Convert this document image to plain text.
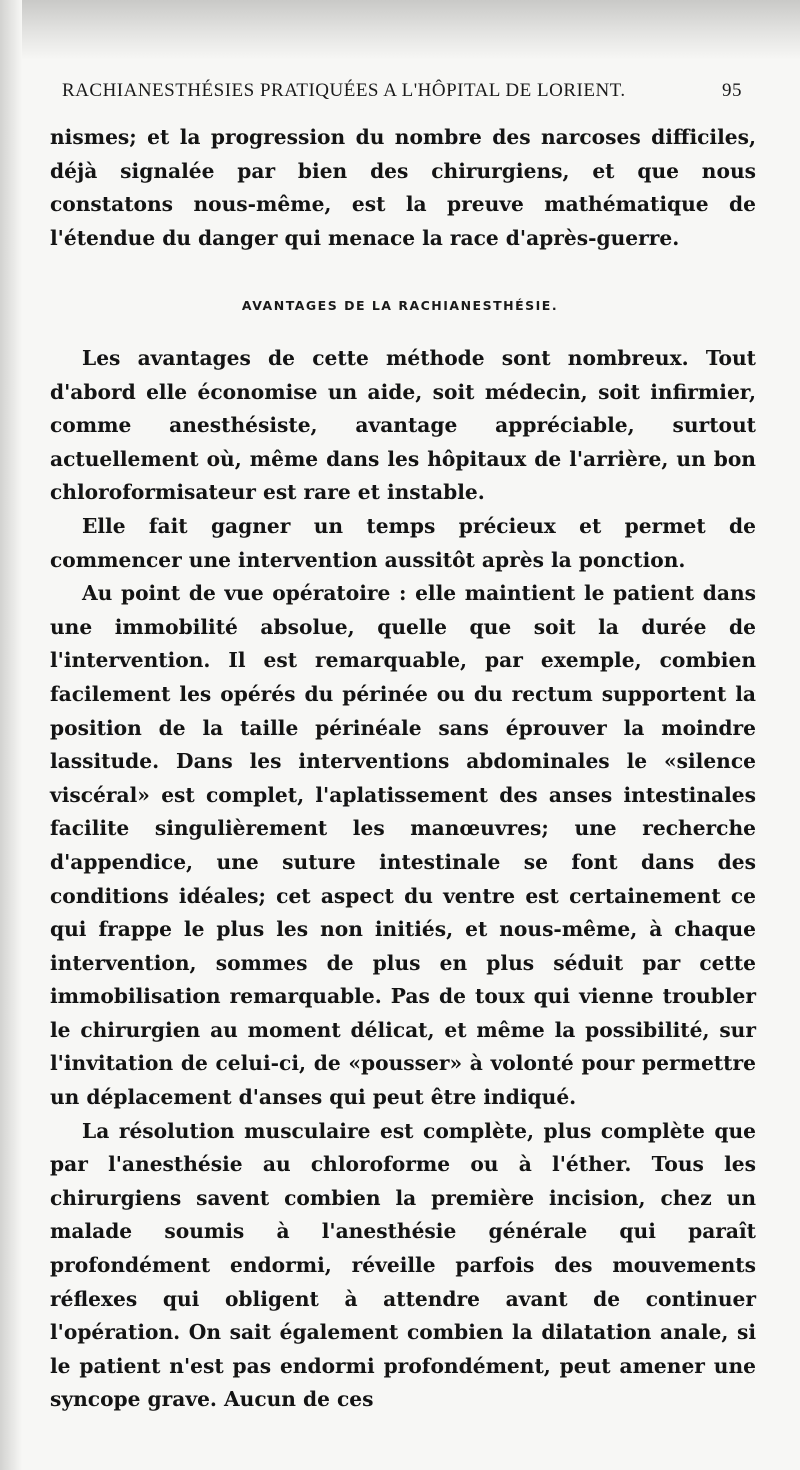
RACHIANESTHÉSIES PRATIQUÉES A L'HÔPITAL DE LORIENT.	95

nismes; et la progression du nombre des narcoses difficiles, déjà signalée par bien des chirurgiens, et que nous constatons nous-même, est la preuve mathématique de l'étendue du danger qui menace la race d'après-guerre.

AVANTAGES DE LA RACHIANESTHÉSIE.

Les avantages de cette méthode sont nombreux. Tout d'abord elle économise un aide, soit médecin, soit infirmier, comme anesthésiste, avantage appréciable, surtout actuellement où, même dans les hôpitaux de l'arrière, un bon chloroformisateur est rare et instable.

Elle fait gagner un temps précieux et permet de commencer une intervention aussitôt après la ponction.

Au point de vue opératoire : elle maintient le patient dans une immobilité absolue, quelle que soit la durée de l'intervention. Il est remarquable, par exemple, combien facilement les opérés du périnée ou du rectum supportent la position de la taille périnéale sans éprouver la moindre lassitude. Dans les interventions abdominales le «silence viscéral» est complet, l'aplatissement des anses intestinales facilite singulièrement les manœuvres; une recherche d'appendice, une suture intestinale se font dans des conditions idéales; cet aspect du ventre est certainement ce qui frappe le plus les non initiés, et nous-même, à chaque intervention, sommes de plus en plus séduit par cette immobilisation remarquable. Pas de toux qui vienne troubler le chirurgien au moment délicat, et même la possibilité, sur l'invitation de celui-ci, de «pousser» à volonté pour permettre un déplacement d'anses qui peut être indiqué.

La résolution musculaire est complète, plus complète que par l'anesthésie au chloroforme ou à l'éther. Tous les chirurgiens savent combien la première incision, chez un malade soumis à l'anesthésie générale qui paraît profondément endormi, réveille parfois des mouvements réflexes qui obligent à attendre avant de continuer l'opération. On sait également combien la dilatation anale, si le patient n'est pas endormi profondément, peut amener une syncope grave. Aucun de ces
